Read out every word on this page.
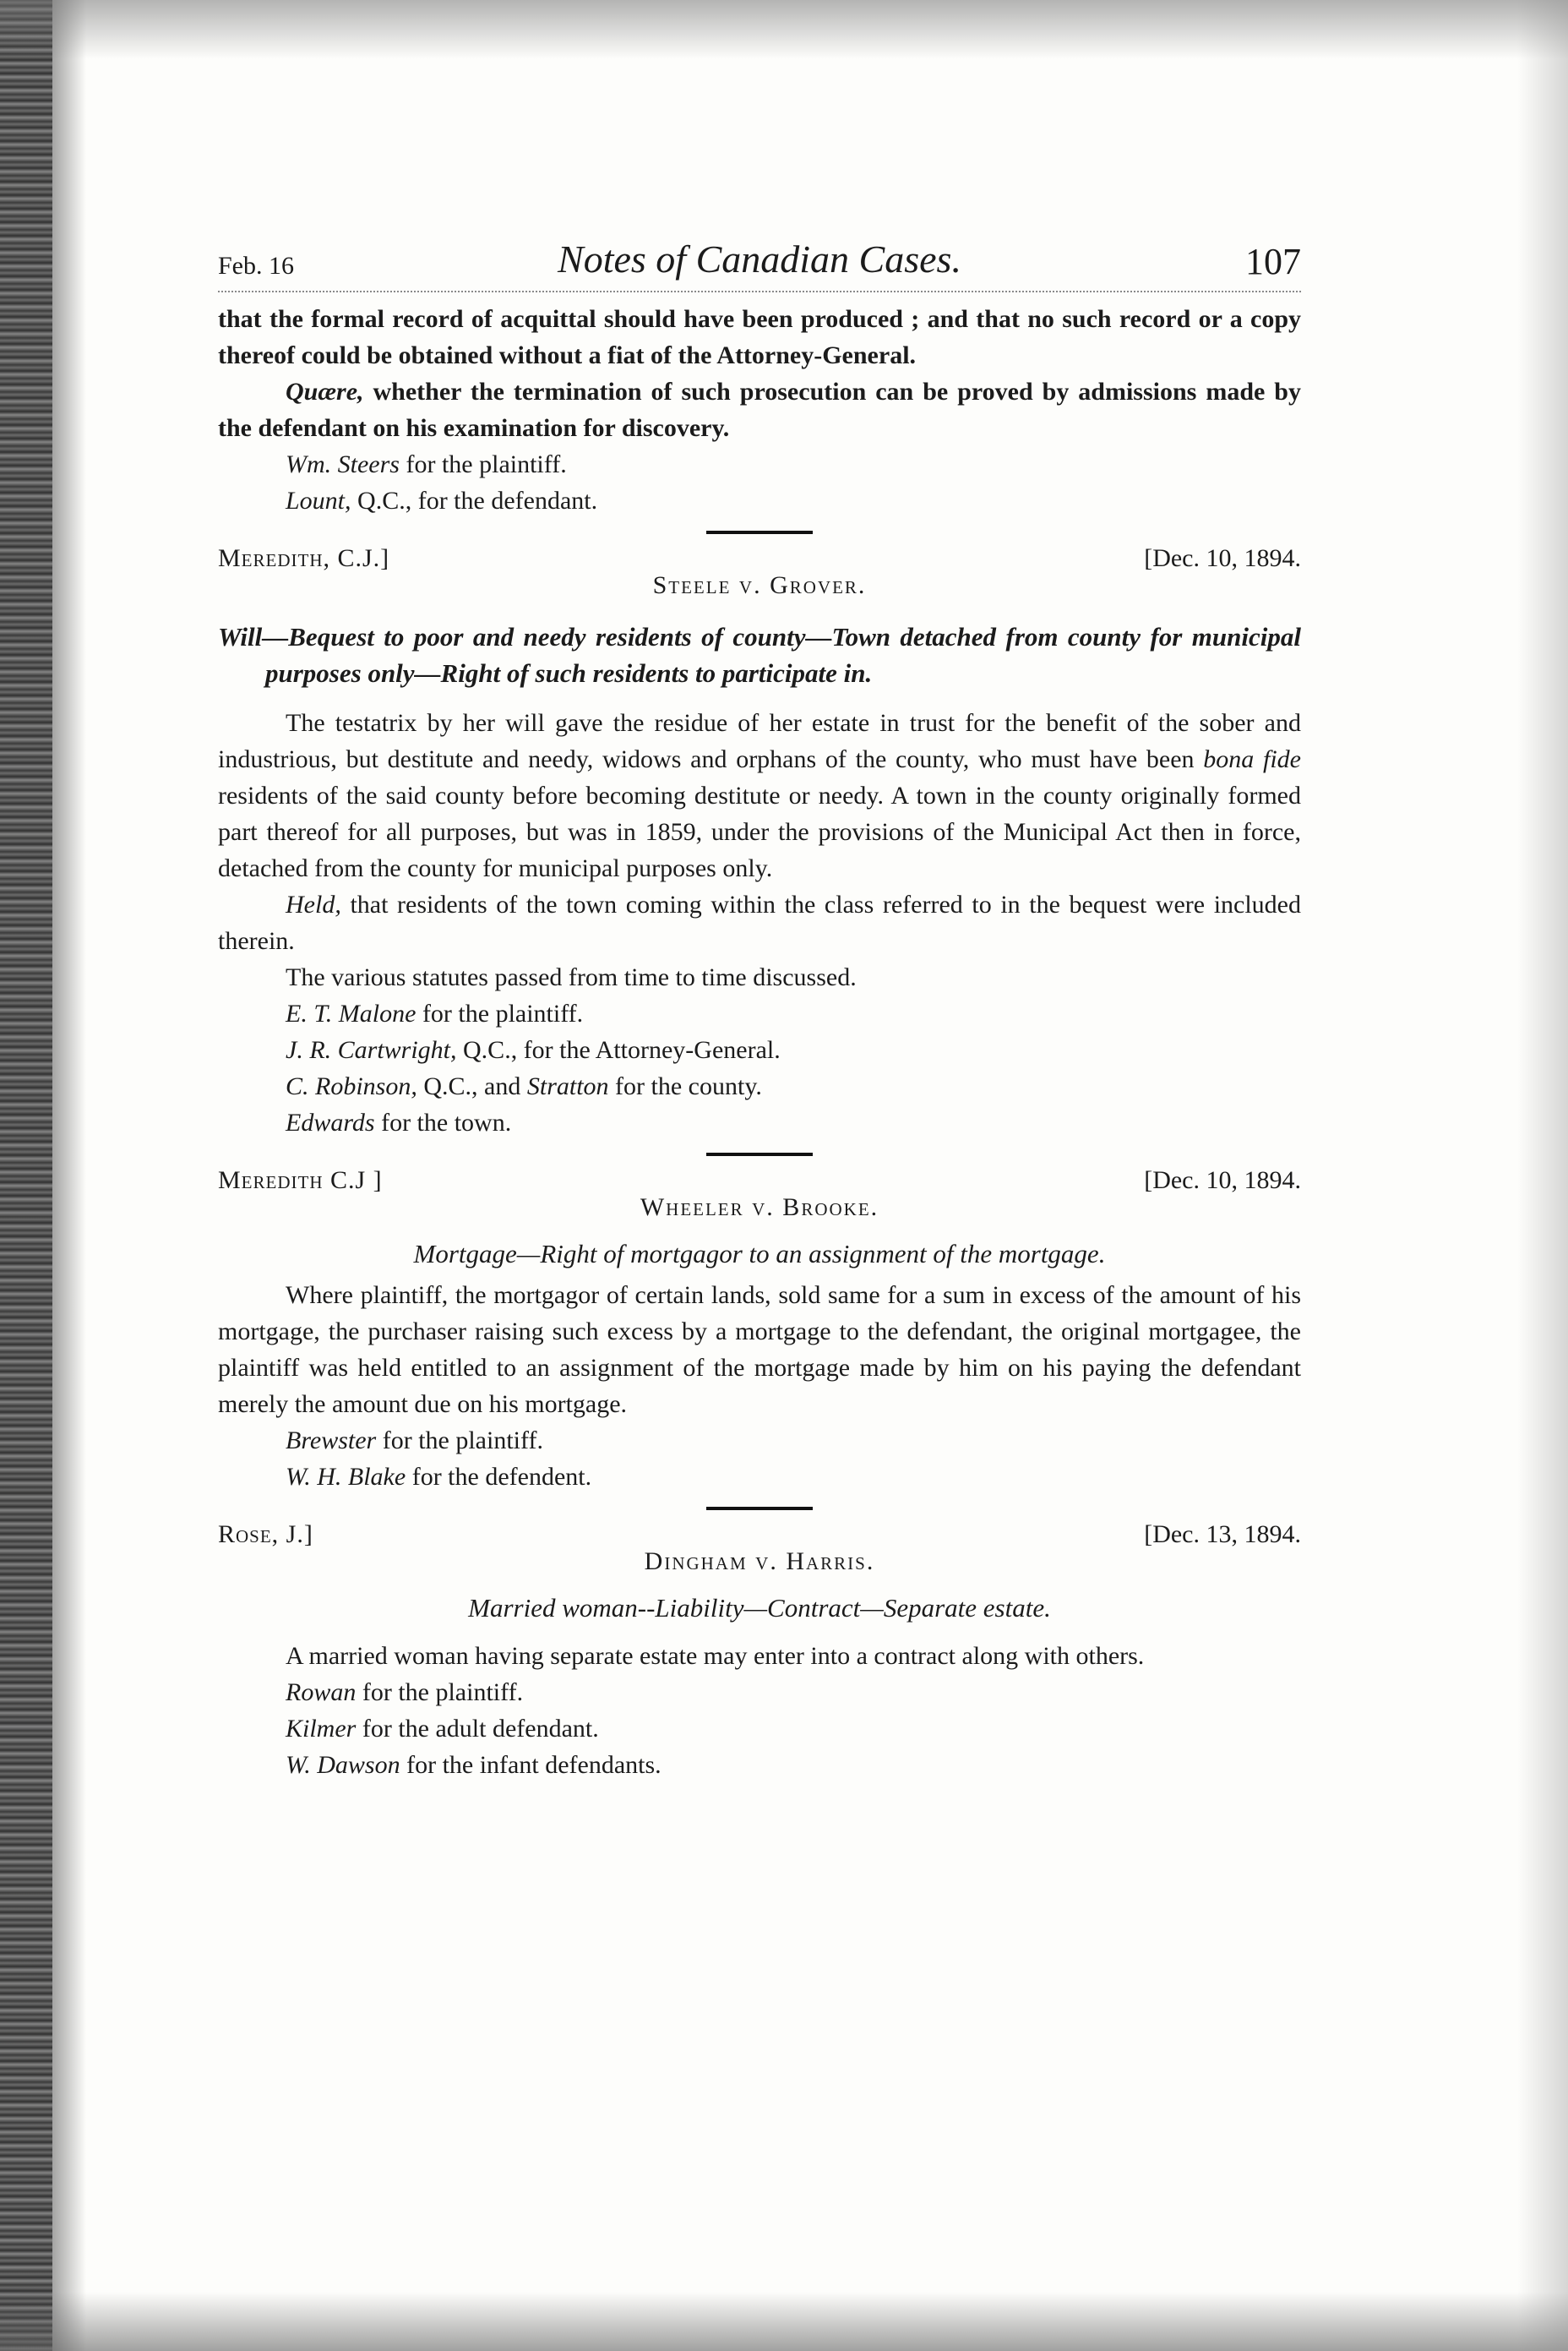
Feb. 16	Notes of Canadian Cases.	107

that the formal record of acquittal should have been produced ; and that no such record or a copy thereof could be obtained without a fiat of the Attorney-General.

Quære, whether the termination of such prosecution can be proved by admissions made by the defendant on his examination for discovery.

Wm. Steers for the plaintiff.
Lount, Q.C., for the defendant.
Meredith, C.J.]	[Dec. 10, 1894.
Steele v. Grover.
Will—Bequest to poor and needy residents of county—Town detached from county for municipal purposes only—Right of such residents to participate in.

The testatrix by her will gave the residue of her estate in trust for the benefit of the sober and industrious, but destitute and needy, widows and orphans of the county, who must have been bona fide residents of the said county before becoming destitute or needy. A town in the county originally formed part thereof for all purposes, but was in 1859, under the provisions of the Municipal Act then in force, detached from the county for municipal purposes only.

Held, that residents of the town coming within the class referred to in the bequest were included therein.

The various statutes passed from time to time discussed.

E. T. Malone for the plaintiff.
J. R. Cartwright, Q.C., for the Attorney-General.
C. Robinson, Q.C., and Stratton for the county.
Edwards for the town.
Meredith C.J ]	[Dec. 10, 1894.
Wheeler v. Brooke.
Mortgage—Right of mortgagor to an assignment of the mortgage.

Where plaintiff, the mortgagor of certain lands, sold same for a sum in excess of the amount of his mortgage, the purchaser raising such excess by a mortgage to the defendant, the original mortgagee, the plaintiff was held entitled to an assignment of the mortgage made by him on his paying the defendant merely the amount due on his mortgage.

Brewster for the plaintiff.
W. H. Blake for the defendent.
Rose, J.]	[Dec. 13, 1894.
Dingham v. Harris.
Married woman--Liability—Contract—Separate estate.

A married woman having separate estate may enter into a contract along with others.

Rowan for the plaintiff.
Kilmer for the adult defendant.
W. Dawson for the infant defendants.
